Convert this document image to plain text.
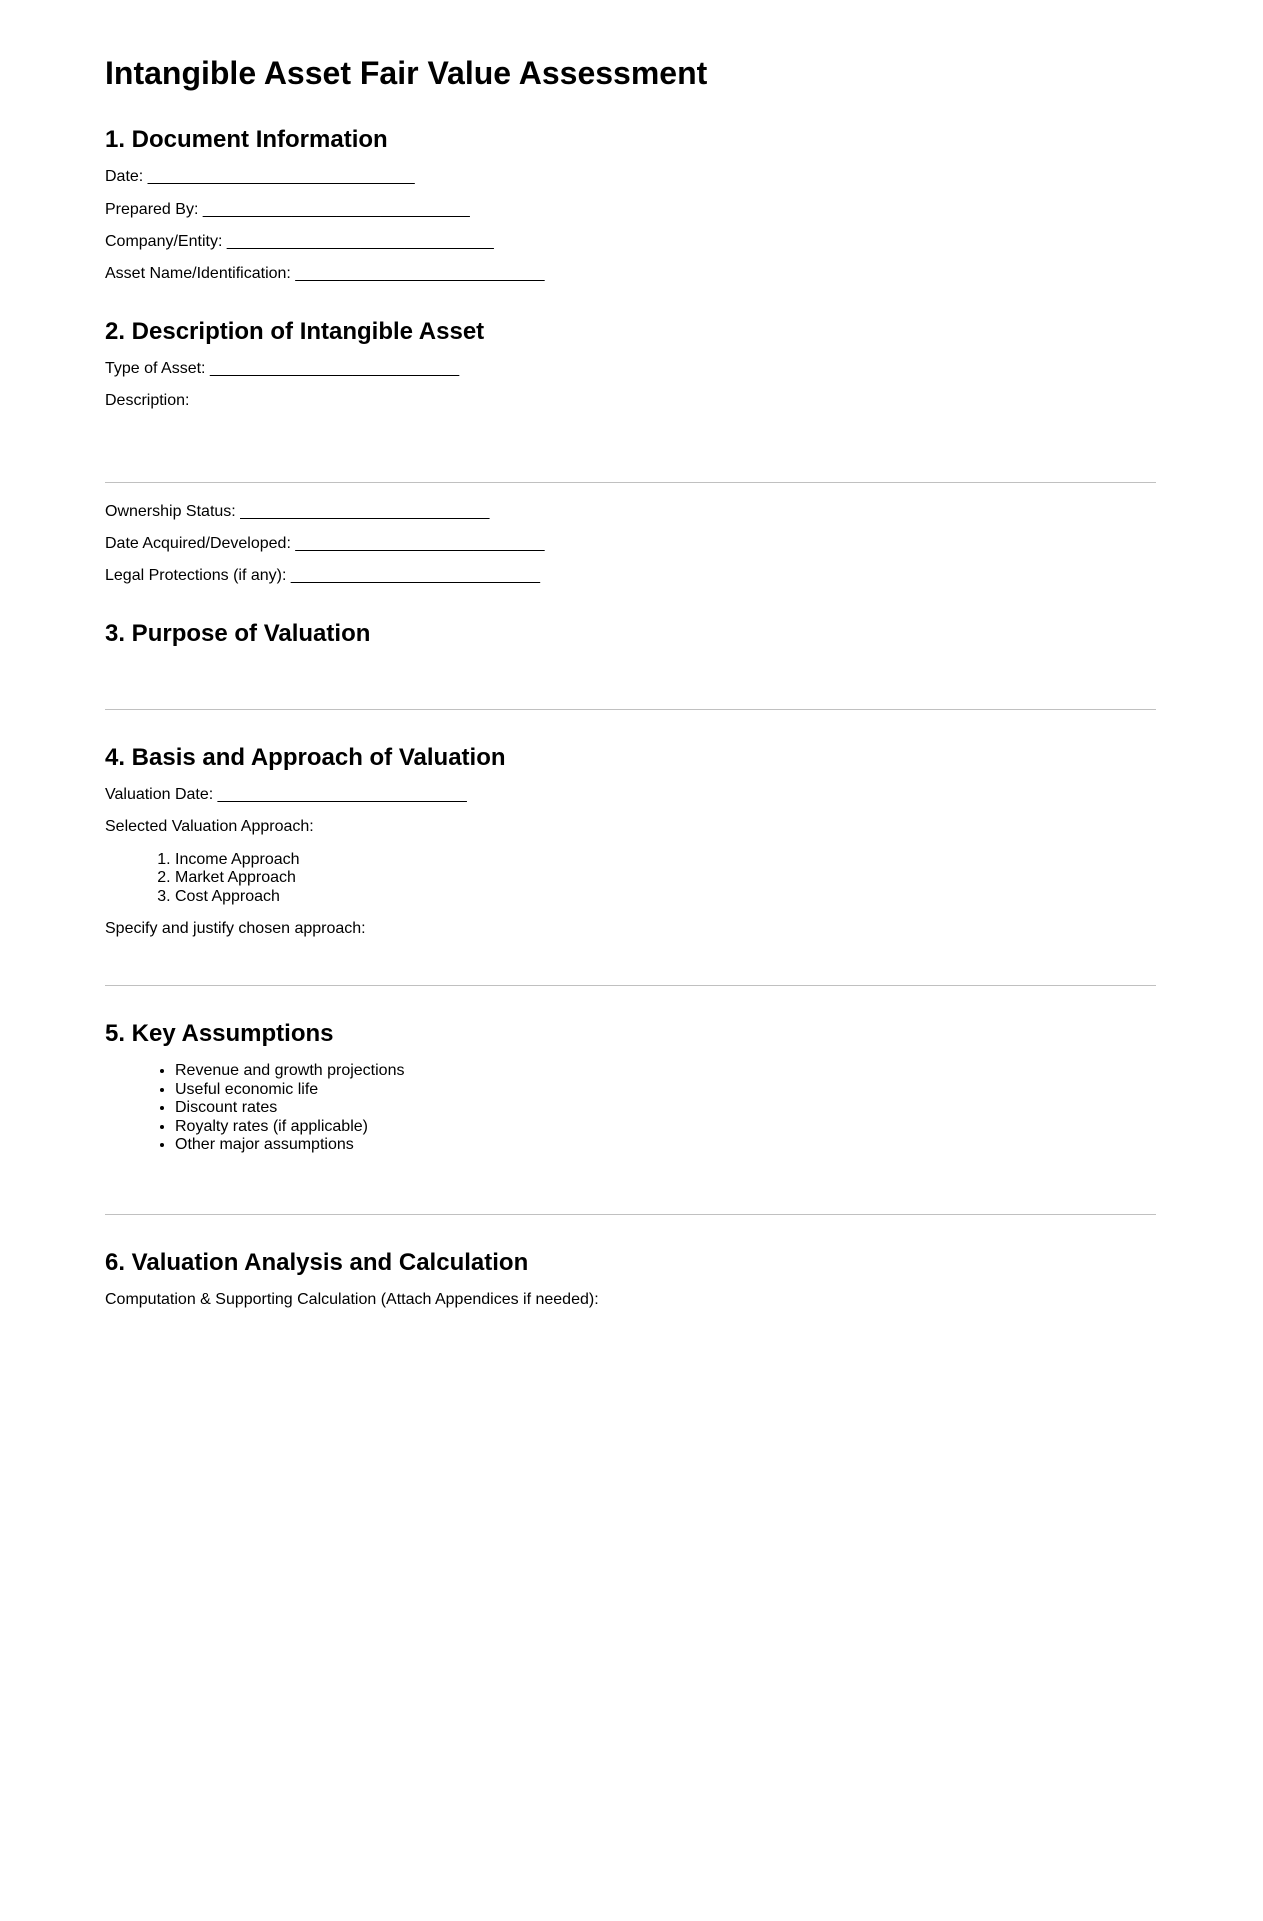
Intangible Asset Fair Value Assessment
1. Document Information

Date: ______________________________

Prepared By: ______________________________

Company/Entity: ______________________________

Asset Name/Identification: ____________________________

2. Description of Intangible Asset

Type of Asset: ____________________________

Description:

Ownership Status: ____________________________

Date Acquired/Developed: ____________________________

Legal Protections (if any): ____________________________

3. Purpose of Valuation
4. Basis and Approach of Valuation

Valuation Date: ____________________________

Selected Valuation Approach:

1. Income Approach
2. Market Approach
3. Cost Approach

Specify and justify chosen approach:

5. Key Assumptions
• Revenue and growth projections
• Useful economic life
• Discount rates
• Royalty rates (if applicable)
• Other major assumptions
6. Valuation Analysis and Calculation

Computation & Supporting Calculation (Attach Appendices if needed):
